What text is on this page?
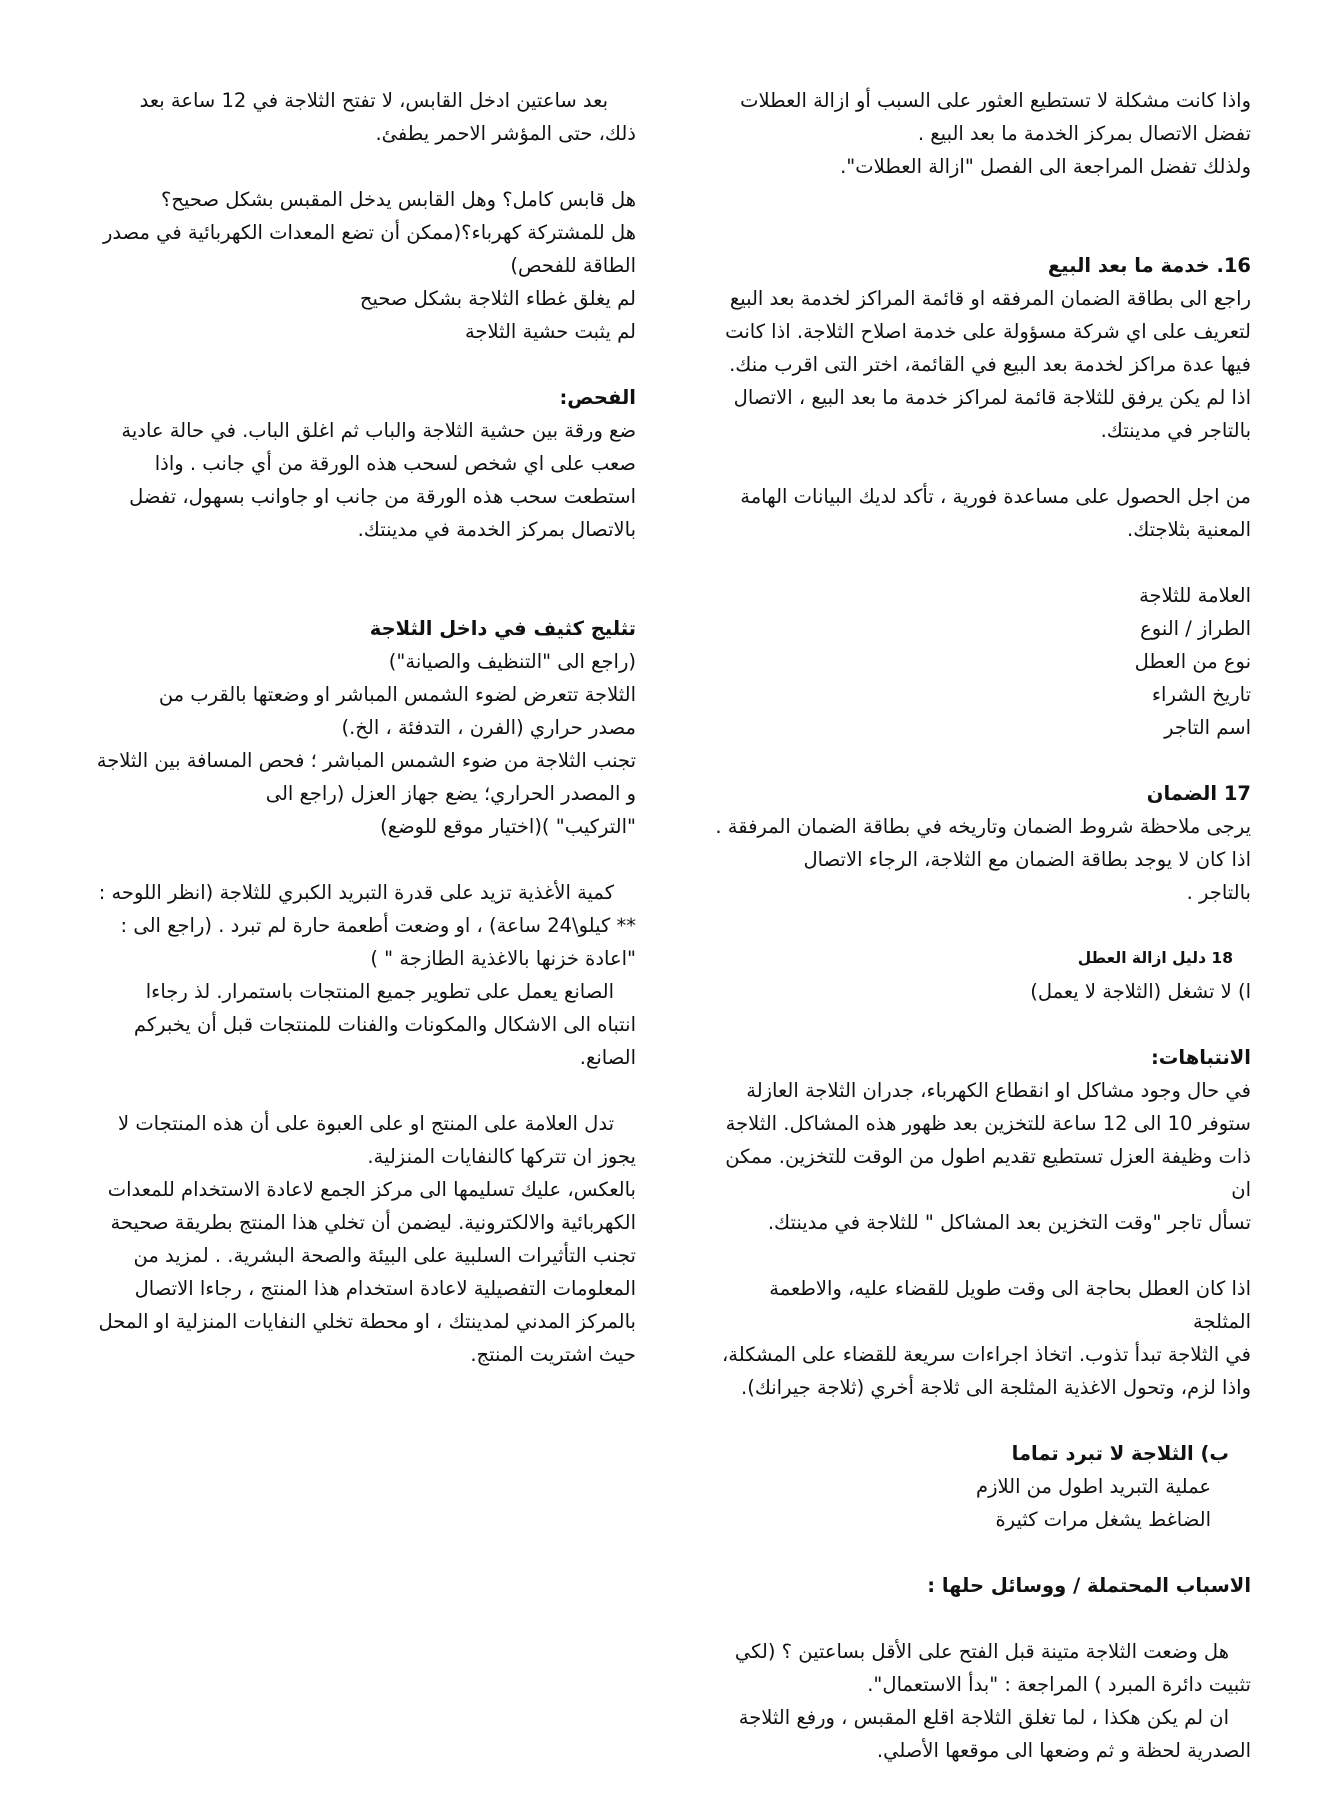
واذا كانت مشكلة لا تستطيع العثور على السبب أو ازالة العطلات

تفضل الاتصال بمركز الخدمة ما بعد البيع .

ولذلك تفضل المراجعة الى الفصل "ازالة العطلات".

16. خدمة ما بعد البيع

راجع الى بطاقة الضمان المرفقه او قائمة المراكز لخدمة بعد البيع

لتعريف على اي شركة مسؤولة على خدمة اصلاح الثلاجة. اذا كانت

فيها عدة مراكز لخدمة بعد البيع في القائمة، اختر التى اقرب منك.

اذا لم يكن يرفق للثلاجة قائمة لمراكز خدمة ما بعد البيع ، الاتصال

بالتاجر في مدينتك.

من اجل الحصول على مساعدة فورية ، تأكد لديك البيانات الهامة

المعنية بثلاجتك.

العلامة للثلاجة

الطراز / النوع

نوع من العطل

تاريخ الشراء

اسم التاجر

17 الضمان

يرجى ملاحظة شروط الضمان وتاريخه في بطاقة الضمان المرفقة .

اذا كان لا يوجد بطاقة الضمان مع الثلاجة، الرجاء الاتصال

بالتاجر .

18 دليل ازالة العطل

ا) لا تشغل (الثلاجة لا يعمل)

الانتباهات:

في حال وجود مشاكل او انقطاع الكهرباء، جدران الثلاجة العازلة

ستوفر 10 الى 12 ساعة للتخزين بعد ظهور هذه المشاكل. الثلاجة

ذات وظيفة العزل تستطيع تقديم اطول من الوقت للتخزين. ممكن ان

تسأل تاجر "وقت التخزين بعد المشاكل " للثلاجة في مدينتك.

اذا كان العطل بحاجة الى وقت طويل للقضاء عليه، والاطعمة المثلجة

في الثلاجة تبدأ تذوب. اتخاذ اجراءات سريعة للقضاء على المشكلة،

واذا لزم، وتحول الاغذية المثلجة الى ثلاجة أخري (ثلاجة جيرانك).

ب) الثلاجة لا تبرد تماما

عملية التبريد اطول من اللازم

الضاغط يشغل مرات كثيرة

الاسباب المحتملة / ووسائل حلها :

هل وضعت الثلاجة متينة قبل الفتح على الأقل بساعتين ؟ (لكي

تثبيت دائرة المبرد ) المراجعة : "بدأ الاستعمال".

ان لم يكن هكذا ، لما تغلق الثلاجة اقلع المقبس ، ورفع الثلاجة

الصدرية لحظة و ثم وضعها الى موقعها الأصلي.

بعد ساعتين ادخل القابس، لا تفتح الثلاجة في 12 ساعة بعد

ذلك، حتى المؤشر الاحمر يطفئ.

هل قابس كامل؟ وهل القابس يدخل المقبس بشكل صحيح؟

هل للمشتركة كهرباء؟(ممكن أن تضع المعدات الكهربائية في مصدر

الطاقة للفحص)

لم يغلق غطاء الثلاجة بشكل صحيح

لم يثبت حشية الثلاجة

الفحص:

ضع ورقة بين حشية الثلاجة والباب ثم اغلق الباب. في حالة عادية

صعب على اي شخص لسحب هذه الورقة من أي جانب . واذا

استطعت سحب هذه الورقة من جانب او جاوانب بسهول، تفضل

بالاتصال بمركز الخدمة في مدينتك.

تثليج كثيف في داخل الثلاجة

(راجع الى "التنظيف والصيانة")

الثلاجة تتعرض لضوء الشمس المباشر او وضعتها بالقرب من

مصدر حراري (الفرن ، التدفئة ، الخ.)

تجنب الثلاجة من ضوء الشمس المباشر ؛ فحص المسافة بين الثلاجة

و المصدر الحراري؛ يضع جهاز العزل (راجع الى

"التركيب" )(اختيار موقع للوضع)

كمية الأغذية تزيد على قدرة التبريد الكبري للثلاجة (انظر اللوحه :

** كيلو\24 ساعة) ، او وضعت أطعمة حارة لم تبرد . (راجع الى :

"اعادة خزنها بالاغذية الطازجة " )

الصانع يعمل على تطوير جميع المنتجات باستمرار. لذ رجاءا

انتباه الى الاشكال والمكونات والفنات للمنتجات قبل أن يخبركم

الصانع.

تدل العلامة على المنتج او على العبوة على أن هذه المنتجات لا

يجوز ان تتركها كالنفايات المنزلية.

بالعكس، عليك تسليمها الى مركز الجمع لاعادة الاستخدام للمعدات

الكهربائية والالكترونية. ليضمن أن تخلي هذا المنتج بطريقة صحيحة

تجنب التأثيرات السلبية على البيئة والصحة البشرية. . لمزيد من

المعلومات التفصيلية لاعادة استخدام هذا المنتج ، رجاءا الاتصال

بالمركز المدني لمدينتك ، او محطة تخلي النفايات المنزلية او المحل

حيث اشتريت المنتج.
